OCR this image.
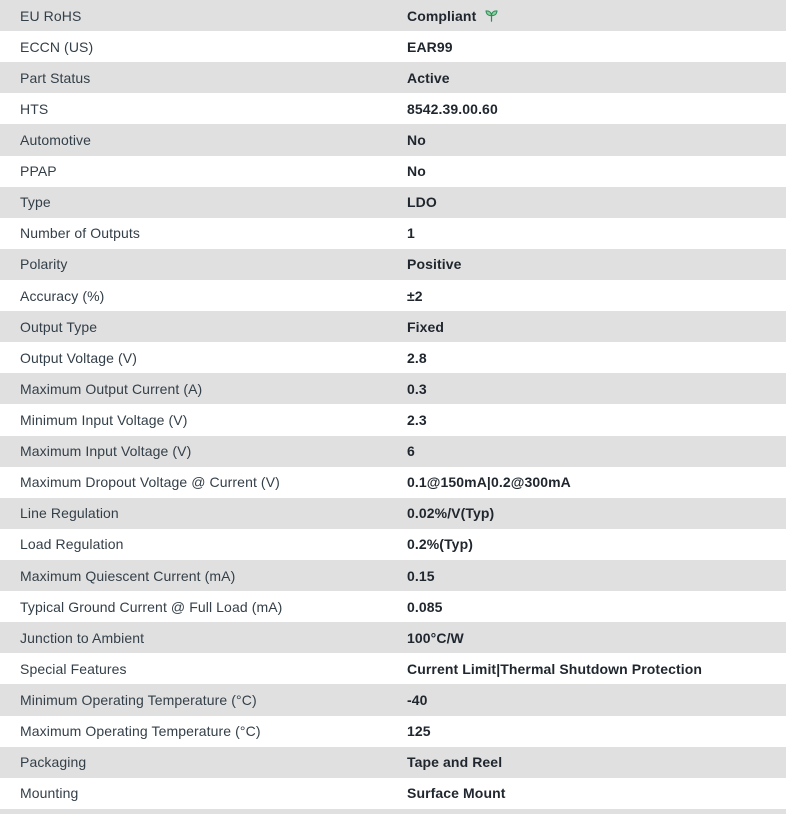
EU RoHS	Compliant
ECCN (US)	EAR99
Part Status	Active
HTS	8542.39.00.60
Automotive	No
PPAP	No
Type	LDO
Number of Outputs	1
Polarity	Positive
Accuracy (%)	±2
Output Type	Fixed
Output Voltage (V)	2.8
Maximum Output Current (A)	0.3
Minimum Input Voltage (V)	2.3
Maximum Input Voltage (V)	6
Maximum Dropout Voltage @ Current (V)	0.1@150mA|0.2@300mA
Line Regulation	0.02%/V(Typ)
Load Regulation	0.2%(Typ)
Maximum Quiescent Current (mA)	0.15
Typical Ground Current @ Full Load (mA)	0.085
Junction to Ambient	100°C/W
Special Features	Current Limit|Thermal Shutdown Protection
Minimum Operating Temperature (°C)	-40
Maximum Operating Temperature (°C)	125
Packaging	Tape and Reel
Mounting	Surface Mount
